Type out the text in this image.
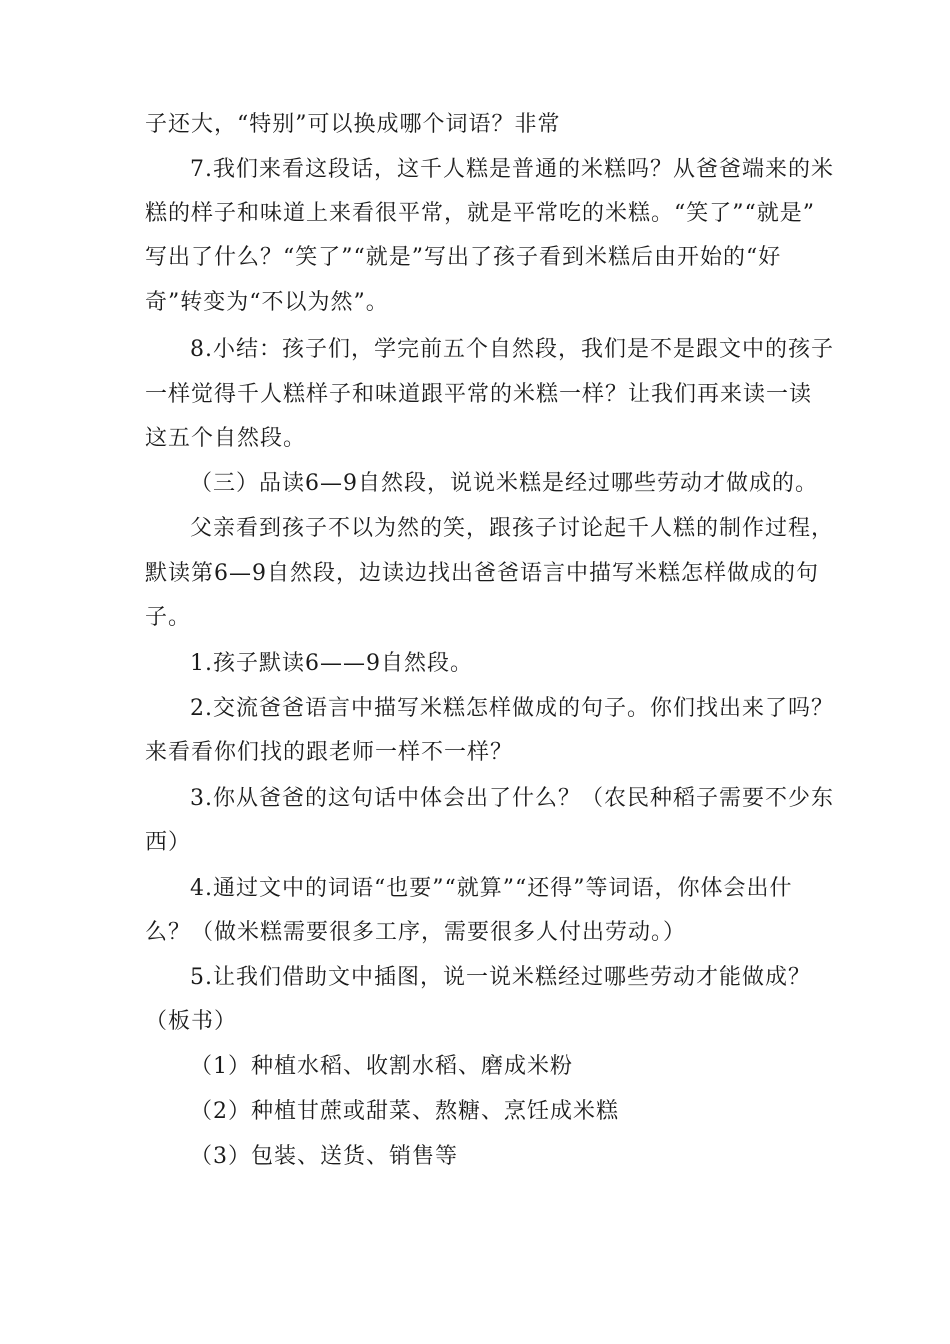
子还大，“特别”可以换成哪个词语？非常
7.我们来看这段话，这千人糕是普通的米糕吗？从爸爸端来的米
糕的样子和味道上来看很平常，就是平常吃的米糕。“笑了”“就是”
写出了什么？“笑了”“就是”写出了孩子看到米糕后由开始的“好
奇”转变为“不以为然”。
8.小结：孩子们，学完前五个自然段，我们是不是跟文中的孩子
一样觉得千人糕样子和味道跟平常的米糕一样？让我们再来读一读
这五个自然段。
（三）品读6—9自然段，说说米糕是经过哪些劳动才做成的。
父亲看到孩子不以为然的笑，跟孩子讨论起千人糕的制作过程，
默读第6—9自然段，边读边找出爸爸语言中描写米糕怎样做成的句
子。
1.孩子默读6——9自然段。
2.交流爸爸语言中描写米糕怎样做成的句子。你们找出来了吗？
来看看你们找的跟老师一样不一样？
3.你从爸爸的这句话中体会出了什么？（农民种稻子需要不少东
西）
4.通过文中的词语“也要”“就算”“还得”等词语，你体会出什
么？（做米糕需要很多工序，需要很多人付出劳动。）
5.让我们借助文中插图，说一说米糕经过哪些劳动才能做成？
（板书）
（1）种植水稻、收割水稻、磨成米粉
（2）种植甘蔗或甜菜、熬糖、烹饪成米糕
（3）包装、送货、销售等
